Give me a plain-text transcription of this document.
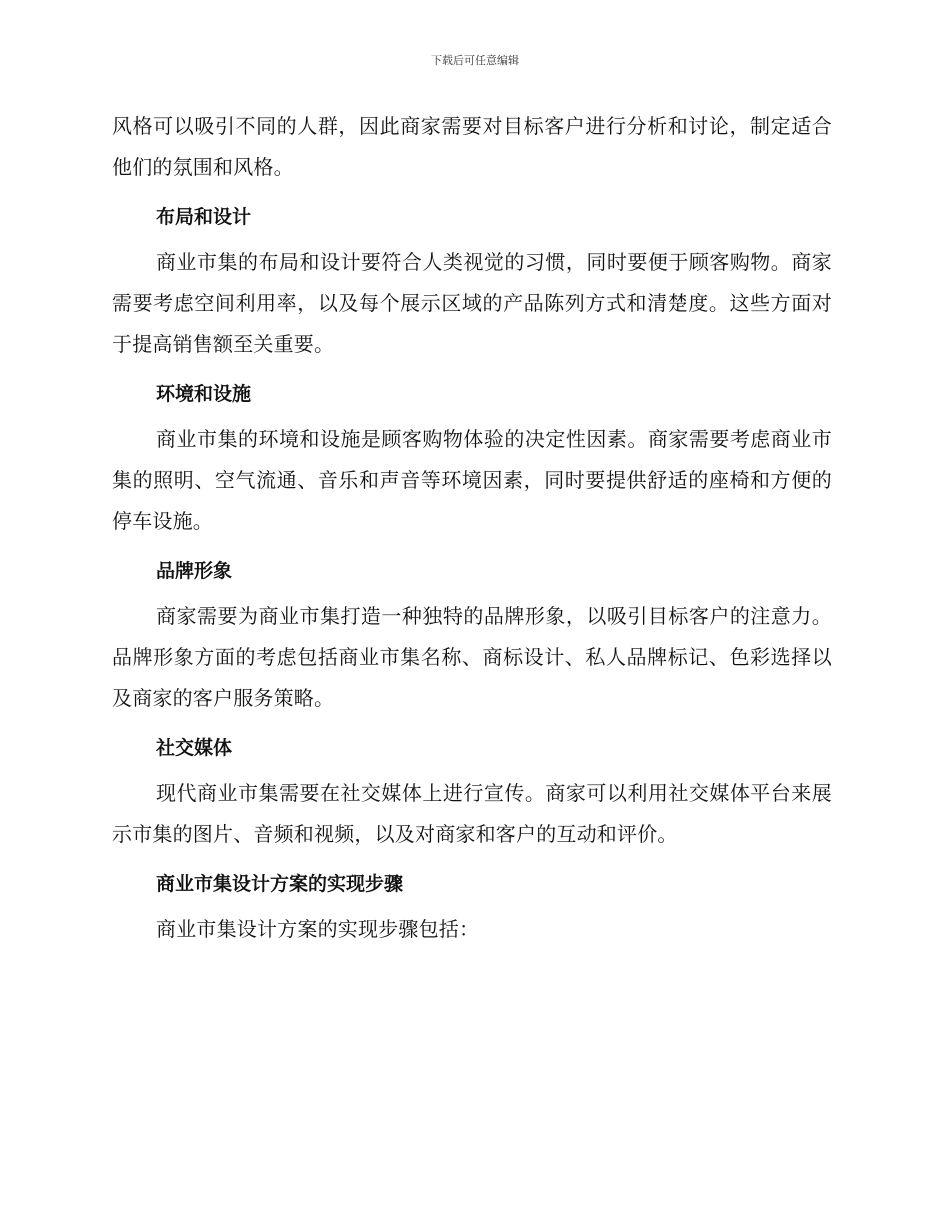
下载后可任意编辑

风格可以吸引不同的人群，因此商家需要对目标客户进行分析和讨论，制定适合他们的氛围和风格。

布局和设计

商业市集的布局和设计要符合人类视觉的习惯，同时要便于顾客购物。商家需要考虑空间利用率，以及每个展示区域的产品陈列方式和清楚度。这些方面对于提高销售额至关重要。

环境和设施

商业市集的环境和设施是顾客购物体验的决定性因素。商家需要考虑商业市集的照明、空气流通、音乐和声音等环境因素，同时要提供舒适的座椅和方便的停车设施。

品牌形象

商家需要为商业市集打造一种独特的品牌形象，以吸引目标客户的注意力。品牌形象方面的考虑包括商业市集名称、商标设计、私人品牌标记、色彩选择以及商家的客户服务策略。

社交媒体

现代商业市集需要在社交媒体上进行宣传。商家可以利用社交媒体平台来展示市集的图片、音频和视频，以及对商家和客户的互动和评价。

商业市集设计方案的实现步骤

商业市集设计方案的实现步骤包括：
